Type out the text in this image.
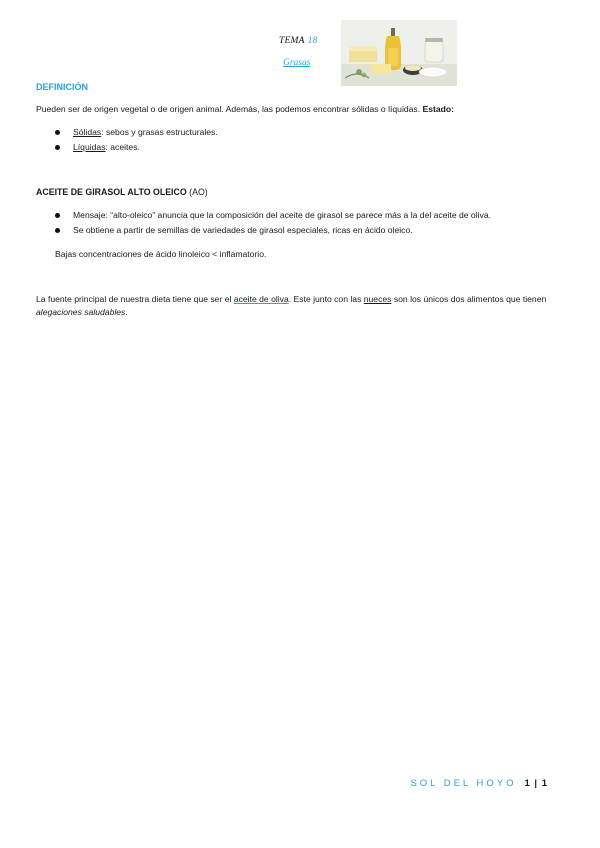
TEMA 18
Grasas
DEFINICIÓN
Pueden ser de origen vegetal o de origen animal. Además, las podemos encontrar sólidas o líquidas. Estado:
Sólidas: sebos y grasas estructurales.
Líquidas: aceites.
ACEITE DE GIRASOL ALTO OLEICO (AO)
Mensaje: “alto-oleico” anuncia que la composición del aceite de girasol se parece más a la del aceite de oliva.
Se obtiene a partir de semillas de variedades de girasol especiales, ricas en ácido oleico.
Bajas concentraciones de ácido linoleico < inflamatorio.
La fuente principal de nuestra dieta tiene que ser el aceite de oliva. Este junto con las nueces son los únicos dos alimentos que tienen alegaciones saludables.
SOL DEL HOYO 1 | 1
